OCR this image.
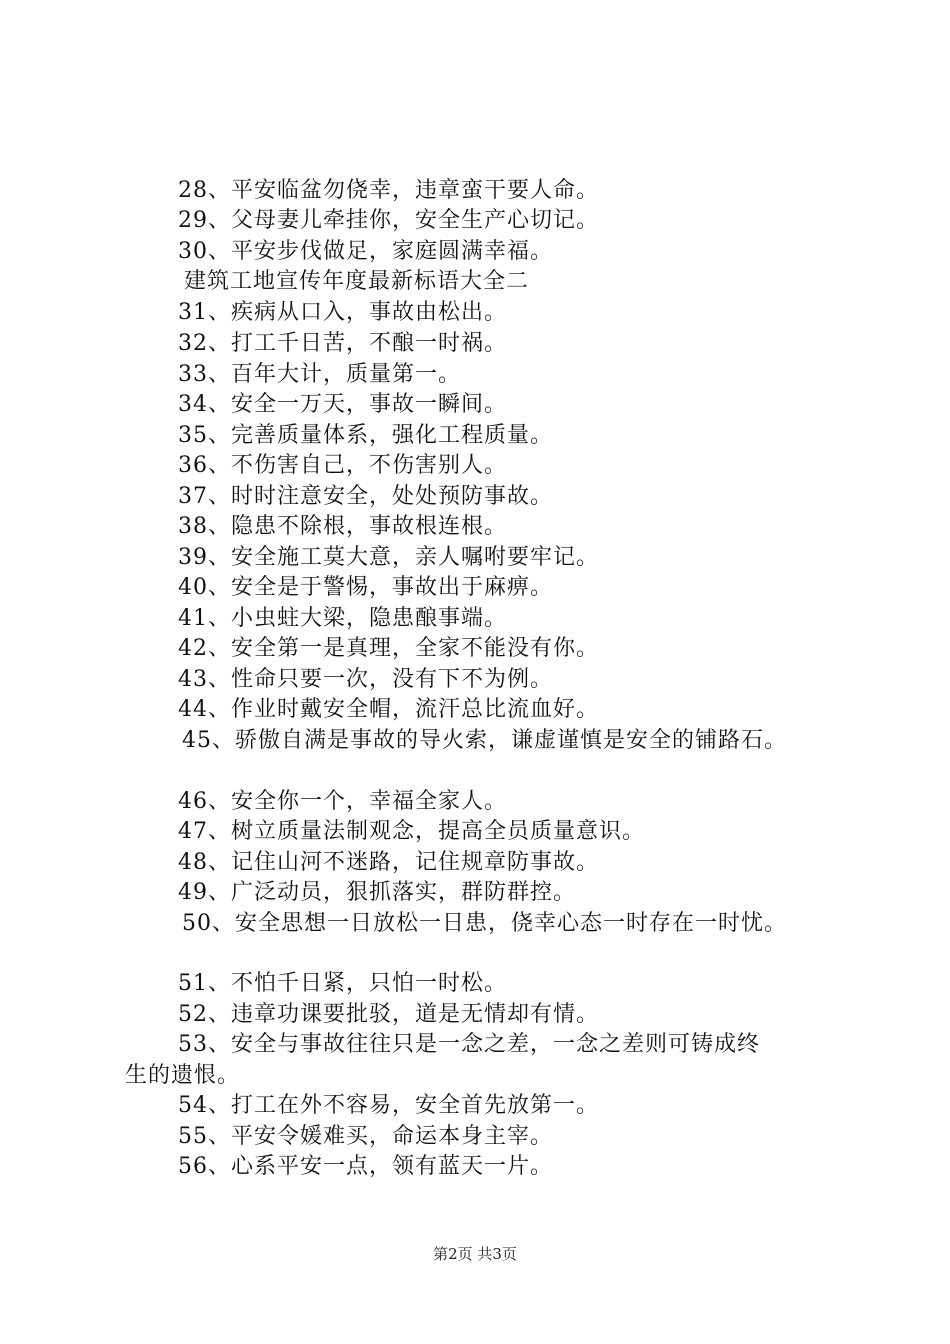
28、平安临盆勿侥幸，违章蛮干要人命。
29、父母妻儿牵挂你，安全生产心切记。
30、平安步伐做足，家庭圆满幸福。
建筑工地宣传年度最新标语大全二
31、疾病从口入，事故由松出。
32、打工千日苦，不酿一时祸。
33、百年大计，质量第一。
34、安全一万天，事故一瞬间。
35、完善质量体系，强化工程质量。
36、不伤害自己，不伤害别人。
37、时时注意安全，处处预防事故。
38、隐患不除根，事故根连根。
39、安全施工莫大意，亲人嘱咐要牢记。
40、安全是于警惕，事故出于麻痹。
41、小虫蛀大梁，隐患酿事端。
42、安全第一是真理，全家不能没有你。
43、性命只要一次，没有下不为例。
44、作业时戴安全帽，流汗总比流血好。
45、骄傲自满是事故的导火索，谦虚谨慎是安全的铺路石。
46、安全你一个，幸福全家人。
47、树立质量法制观念，提高全员质量意识。
48、记住山河不迷路，记住规章防事故。
49、广泛动员，狠抓落实，群防群控。
50、安全思想一日放松一日患，侥幸心态一时存在一时忧。
51、不怕千日紧，只怕一时松。
52、违章功课要批驳，道是无情却有情。
53、安全与事故往往只是一念之差，一念之差则可铸成终
生的遗恨。
54、打工在外不容易，安全首先放第一。
55、平安令媛难买，命运本身主宰。
56、心系平安一点，领有蓝天一片。
第2页 共3页
